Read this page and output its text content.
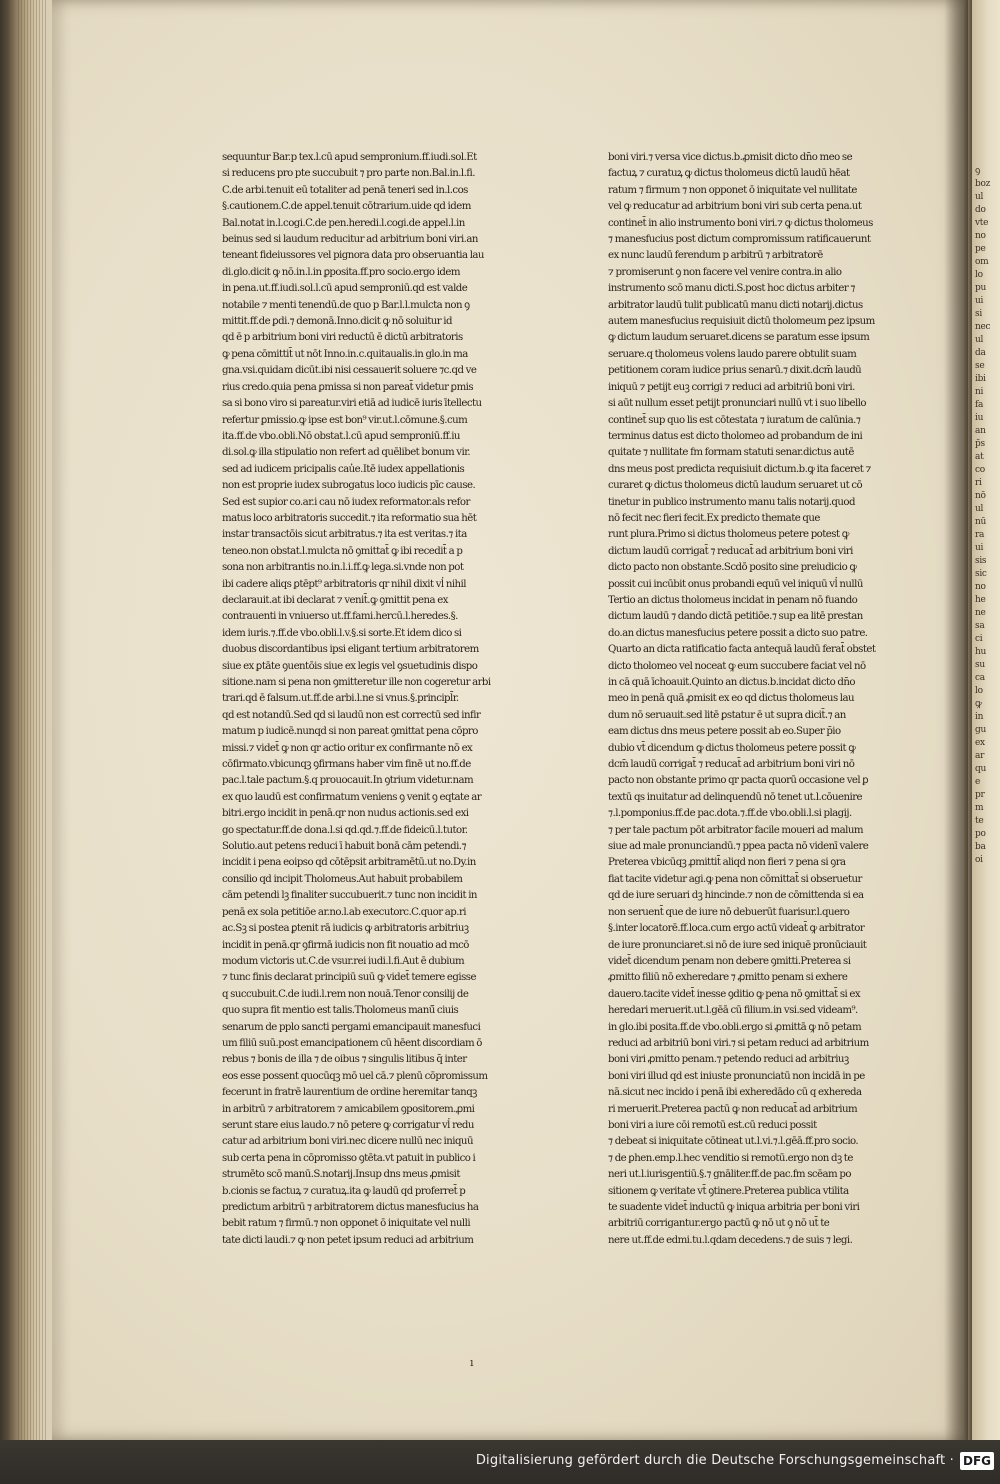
sequuntur Bar.p tex.l.cū apud sempronium.ff.iudi.sol.Et
si reducens pro pte succubuit ⁊ pro parte non.Bal.in.l.fi.
C.de arbi.tenuit eū totaliter ad penā teneri sed in.l.cos
§.cautionem.C.de appel.tenuit cōtrarium.uide qd idem
Bal.notat in.l.cogi.C.de pen.heredi.l.cogi.de appel.l.in
beinus sed si laudum reducitur ad arbitrium boni viri.an
teneant fideiussores vel pignora data pro obseruantia lau
di.glo.dicit ꝙ nō.in.l.in ꝑposita.ff.pro socio.ergo idem
in pena.ut.ff.iudi.sol.l.cū apud semproniū.qd est valde
notabile ⁊ menti tenendū.de quo p Bar.l.l.mulcta non ꝯ
mittit.ff.de ꝑdi.⁊ demonā.Inno.dicit ꝙ nō soluitur id
qd ē p arbitrium boni viri reductū ē dictū arbitratoris
ꝙ pena cōmittit̄ ut nōt Inno.in.c.quitaualis.in glo.in ma
gna.vsi.quidam dicūt.ibi nisi cessauerit soluere ⁊c.qd ve
rius credo.quia pena ꝑmissa si non pareat̄ videtur ꝑmis
sa si bono viro si pareatur.viri etiā ad iudicē iuris ītellectu
refertur ꝑmissio.ꝙ ipse est bon⁹ vir.ut.l.cōmune.§.cum
ita.ff.de vbo.obli.Nō obstat.l.cū apud semproniū.ff.iu
di.sol.ꝙ illa stipulatio non refert ad quēlibet bonum vir.
sed ad iudicem pricipalis cau̓e.Itē iudex appellationis
non est proprie iudex subrogatus loco iudicis pīc cause.
Sed est supior co.ar.i cau nō iudex reformator.als refor
matus loco arbitratoris succedit.⁊ ita reformatio sua hēt
instar transactōis sicut arbitratus.⁊ ita est veritas.⁊ ita
teneo.non obstat.l.mulcta nō ꝯmittat̄ ꝙ ibi recedit̄ a p
sona non arbitrantis no.in.l.i.ff.ꝙ lega.si.vnde non pot
ibi cadere aliqs ꝑtēpt⁹ arbitratoris qr nihil dixit vl̓ nihil
declarauit.at ibi declarat ⁊ venit̄.ꝙ ꝯmittit pena ex
contrauenti in vniuerso ut.ff.fami.hercū.l.heredes.§.
idem iuris.⁊.ff.de vbo.obli.l.v.§.si sorte.Et idem dico si
duobus discordantibus ipsi eligant tertium arbitratorem
siue ex ꝑtāte ꝯuentōis siue ex legis vel ꝯsuetudinis dispo
sitione.nam si pena non ꝯmitteretur ille non cogeretur arbi
trari.qd ē falsum.ut.ff.de arbi.l.ne si vnus.§.principl̄r.
qd est notandū.Sed qd si laudū non est correctū sed infir
matum p iudicē.nunqd si non pareat ꝯmittat pena cōpro
missi.⁊ videt̄ ꝙ non qr actio oritur ex confirmante nō ex
cōfirmato.vbicunqꝫ ꝯfirmans haber vim finē ut no.ff.de
pac.l.tale pactum.§.q prouocauit.In ꝯtrium videtur.nam
ex quo laudū est confirmatum veniens ꝯ venit ꝯ eqtate ar
bitri.ergo incidit in penā.qr non nudus actionis.sed exi
go spectatur.ff.de dona.l.si qd.qd.⁊.ff.de fideicū.l.tutor.
Solutio.aut petens reduci ī habuit bonā cām petendi.⁊
incidit i pena eoipso qd cōtēpsit arbitramētū.ut no.Dy.in
consilio qd incipit Tholomeus.Aut habuit probabilem
cām petendi lꝫ finaliter succubuerit.⁊ tunc non incidit in
penā ex sola petitiōe ar.no.l.ab executorc.C.quor ap.ri
ac.Sꝫ si postea ꝑtenit rā iudicis ꝙ arbitratoris arbitriuꝫ
incidit in penā.qr ꝯfirmā iudicis non fit nouatio ad mcō
modum victoris ut.C.de vsur.rei iudi.l.fi.Aut ē dubium
⁊ tunc finis declarat principiū suū ꝙ videt̄ temere egisse
q succubuit.C.de iudi.l.rem non nouā.Tenor consilij de
quo supra fit mentio est talis.Tholomeus manū̄ ciuis
senarum de pplo sancti pergami emancipauit manesfuci
um filiū suū.post emancipationem cū hēent discordiam ō
rebus ⁊ bonis de illa ⁊ de oibus ⁊ singulis litibus q̄ inter
eos esse possent quocūqꝫ mō uel cā.⁊ plenū cōpromissum
fecerunt in fratrē laurentium de ordine heremitar tanqꝫ
in arbitrū ⁊ arbitratorem ⁊ amicabilem ꝯpositorem.ꝓmi
serunt stare eius laudo.⁊ nō petere ꝙ corrigatur vl̓ redu
catur ad arbitrium boni viri.nec dicere nullū nec iniquū
sub certa pena in cōpromisso ꝯtēta.vt patuit in publico i
strumēto scō manū.S.notarij.Insup dns meus ꝓmisit
b.cionis se factuꝝ ⁊ curatuꝝ.ita ꝙ laudū qd proferret̄ p
predictum arbitrū ⁊ arbitratorem dictus manesfucius ha
bebit ratum ⁊ firmū.⁊ non opponet ō iniquitate vel nulli
tate dicti laudi.⁊ ꝙ non petet ipsum reduci ad arbitrium
boni viri.⁊ versa vice dictus.b.ꝓmisit dicto dn̄o meo se
factuꝝ ⁊ curatuꝝ ꝙ dictus tholomeus dictū laudū hēat
ratum ⁊ firmum ⁊ non opponet ō iniquitate vel nullitate
vel ꝙ reducatur ad arbitrium boni viri sub certa pena.ut
continet̄ in alio instrumento boni viri.⁊ ꝙ dictus tholomeus
⁊ manesfucius post dictum compromissum ratificauerunt
ex nunc laudū ferendum p arbitrū ⁊ arbitratorē
⁊ promiserunt ꝯ non facere vel venire contra.in alio
instrumento scō manu dicti.S.post hoc dictus arbiter ⁊
arbitrator laudū tulit publicatū manu dicti notarij.dictus
autem manesfucius requisiuit dictū tholomeum ꝑez ipsum
ꝙ dictum laudum seruaret.dicens se paratum esse ipsum
seruare.q tholomeus volens laudo parere obtulit suam
petitionem coram iudice prius senarū.⁊ dixit.dcm̄ laudū
iniquū ⁊ petijt euꝫ corrigi ⁊ reduci ad arbitriū boni viri.
si aūt nullum esset petijt pronunciari nullū vt i suo libello
continet̄ sup quo lis est cōtestata ⁊ iuratum de calūnia.⁊
terminus datus est dicto tholomeo ad probandum de ini
quitate ⁊ nullitate fm formam statuti senar.dictus autē
dns meus post predicta requisiuit dictum.b.ꝙ ita faceret ⁊
curaret ꝙ dictus tholomeus dictū laudum seruaret ut cō
tinetur in publico instrumento manu talis notarij.quod
nō fecit nec fieri fecit.Ex predicto themate que
runt plura.Primo si dictus tholomeus petere potest ꝙ
dictum laudū corrigat̄ ⁊ reducat̄ ad arbitrium boni viri
dicto pacto non obstante.Scdō posito sine preiudicio ꝙ
possit cui incūbit onus probandi equū vel iniquū vl̓ nullū
Tertio an dictus tholomeus incidat in penam nō fuando
dictum laudū ⁊ dando dictā petitiōe.⁊ sup ea litē prestan
do.an dictus manesfucius petere possit a dicto suo patre.
Quarto an dicta ratificatio facta antequā laudū ferat̄ obstet
dicto tholomeo vel noceat ꝙ eum succubere faciat vel nō
in cā quā īchoauit.Quinto an dictus.b.incidat dicto dn̄o
meo in penā quā ꝓmisit ex eo qd dictus tholomeus lau
dum nō seruauit.sed litē ꝑstatur ē ut supra dicit̄.⁊ an
eam dictus dns meus petere possit ab eo.Super p̄io
dubio vt̄ dicendum ꝙ dictus tholomeus petere possit ꝙ
dcm̄ laudū corrigat̄ ⁊ reducat̄ ad arbitrium boni viri nō
pacto non obstante primo qr pacta quorū occasione vel ꝑ
textū qs inuitatur ad delinquendū nō tenet ut.l.cōuenire
⁊.l.pomponius.ff.de pac.dota.⁊.ff.de vbo.obli.l.si plagij.
⁊ per tale pactum pōt arbitrator facile moueri ad malum
siue ad male pronunciandū.⁊ ppea pacta nō videnī valere
Preterea vbicūqꝫ ꝓmittit̄ aliqd non fieri ⁊ pena si ꝯra
fiat tacite videtur agi.ꝙ pena non cōmittat̄ si obseruetur
qd de iure seruari dꝫ hincinde.⁊ non de cōmittenda si ea
non seruent̄ que de iure nō debuerūt fuarisur.l.quero
§.inter locatorē.ff.loca.cum ergo actū videat̄ ꝙ arbitrator
de iure pronunciaret.si nō de iure sed iniquē pronūciauit
videt̄ dicendum penam non debere ꝯmitti.Preterea si
ꝓmitto filiū nō exheredare ⁊ ꝓmitto penam si exhere
dauero.tacite videt̄ inesse ꝯditio ꝙ pena nō ꝯmittat̄ si ex
heredari meruerit.ut.l.gēā cū filium.in vsi.sed videam⁹.
in glo.ibi posita.ff.de vbo.obli.ergo si ꝓmittā ꝙ nō petam
reduci ad arbitriū boni viri.⁊ si petam reduci ad arbitrium
boni viri ꝓmitto penam.⁊ petendo reduci ad arbitriuꝫ
boni viri illud qd est iniuste pronunciatū non incidā in pe
nā.sicut nec incido i penā ibi exheredādo cū q exhereda
ri meruerit.Preterea pactū ꝙ non reducat̄ ad arbitrium
boni viri a iure cōi remotū est.cū reduci possit
⁊ debeat si iniquitate cōtineat ut.l.vi.⁊.l.gēā.ff.pro socio.
⁊ de ꝑhen.emp.l.hec venditio si remotū.ergo non dꝫ te
neri ut.l.iurisgentiū.§.⁊ gnāliter.ff.de pac.fm scēam po
sitionem ꝙ veritate vt̄ ꝯtinere.Preterea publica vtilita
te suadente videt̄ inductū ꝙ iniqua arbitria per boni viri
arbitriū corrigantur.ergo pactū ꝙ nō ut ꝯ nō ut̄ te
nere ut.ff.de edmi.tu.l.qdam decedens.⁊ de suis ⁊ legi.
ı
ꝯ
boz
ul
do
vte
no
pe
om
lo
pu
ui
si
nec
ul
da
se
ibi
ni
fa
iu
an
p̄s
at
co
ri
nō
ul
nū
ra
ui
sis
sic
no
he
ne
sa
ci
hu
su
ca
lo
ꝙ
in
gu
ex
ar
qu
e
pr
m
te
po
ba
oi
Digitalisierung gefördert durch die Deutsche Forschungsgemeinschaft · DFG
